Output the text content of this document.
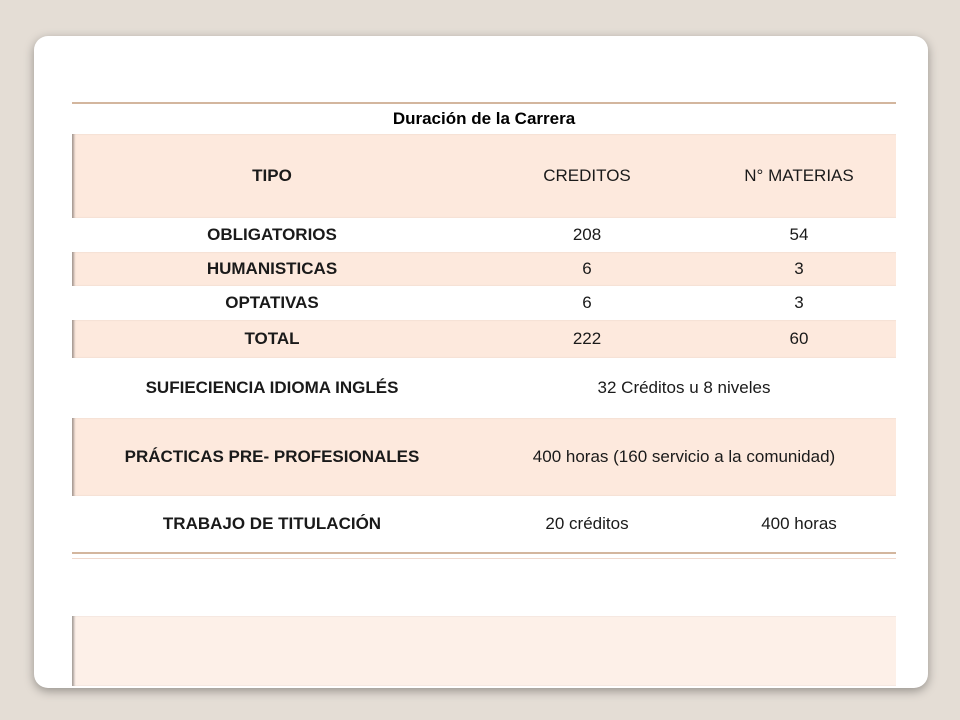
Duración de la Carrera
TIPO	CREDITOS	N° MATERIAS
OBLIGATORIOS	208	54
HUMANISTICAS	6	3
OPTATIVAS	6	3
TOTAL	222	60
SUFIECIENCIA IDIOMA INGLÉS	32 Créditos u 8 niveles
PRÁCTICAS PRE- PROFESIONALES	400 horas (160 servicio a la comunidad)
TRABAJO DE TITULACIÓN	20 créditos	400 horas
